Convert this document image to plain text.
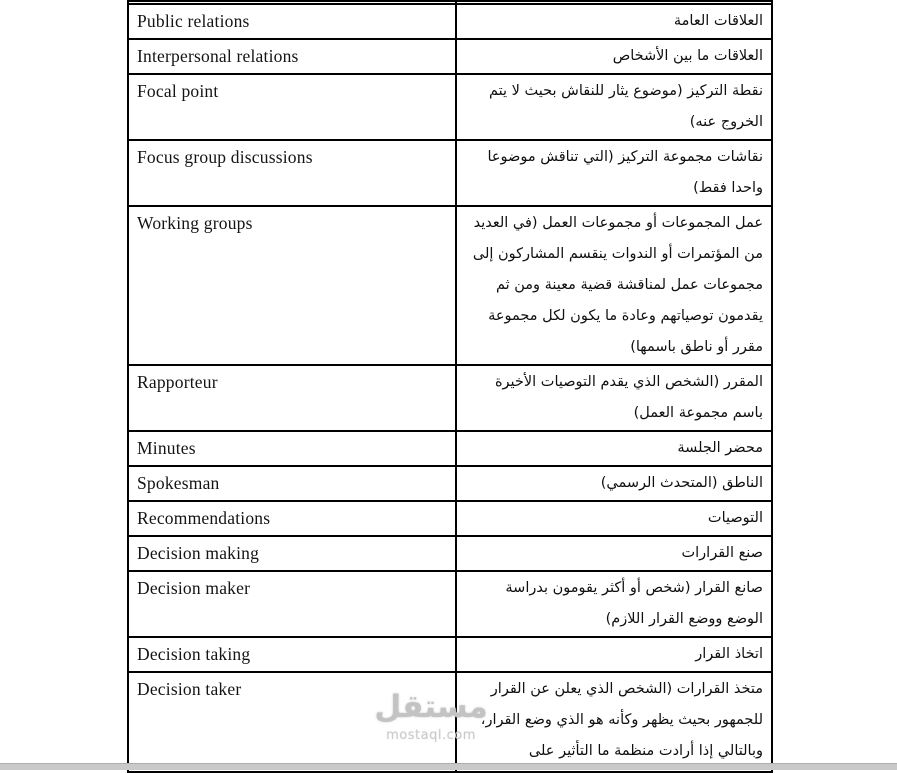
Public relations	العلاقات العامة

Interpersonal relations	العلاقات ما بين الأشخاص

Focal point	نقطة التركيز (موضوع يثار للنقاش بحيث لا يتم الخروج عنه)

Focus group discussions	نقاشات مجموعة التركيز (التي تناقش موضوعا واحدا فقط)

Working groups	عمل المجموعات أو مجموعات العمل (في العديد من المؤتمرات أو الندوات ينقسم المشاركون إلى مجموعات عمل لمناقشة قضية معينة ومن ثم يقدمون توصياتهم وعادة ما يكون لكل مجموعة مقرر أو ناطق باسمها)

Rapporteur	المقرر (الشخص الذي يقدم التوصيات الأخيرة باسم مجموعة العمل)

Minutes	محضر الجلسة

Spokesman	الناطق (المتحدث الرسمي)

Recommendations	التوصيات

Decision making	صنع القرارات

Decision maker	صانع القرار (شخص أو أكثر يقومون بدراسة الوضع ووضع القرار اللازم)

Decision taking	اتخاذ القرار

Decision taker	متخذ القرارات (الشخص الذي يعلن عن القرار للجمهور بحيث يظهر وكأنه هو الذي وضع القرار، وبالتالي إذا أرادت منظمة ما التأثير على
مستقل
mostaql.com
